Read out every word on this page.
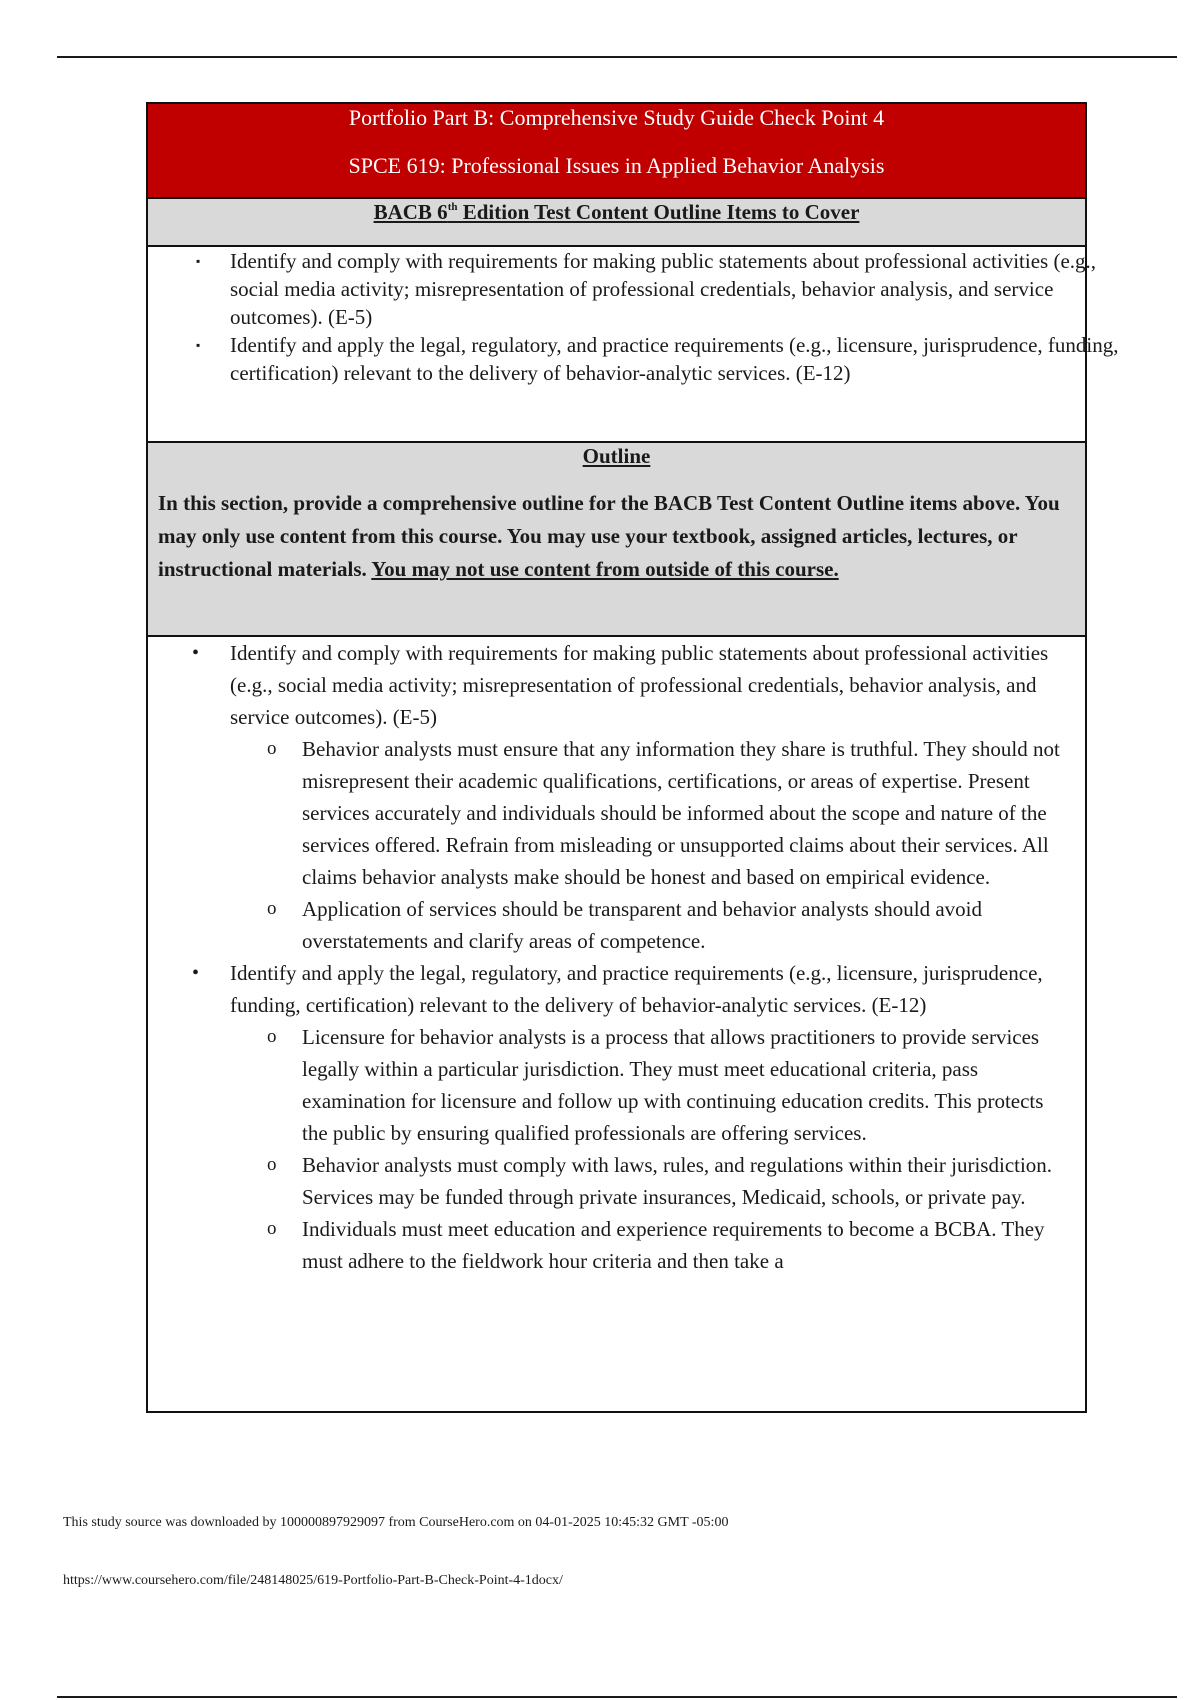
Portfolio Part B: Comprehensive Study Guide Check Point 4
SPCE 619: Professional Issues in Applied Behavior Analysis
BACB 6th Edition Test Content Outline Items to Cover
▪ Identify and comply with requirements for making public statements about professional activities (e.g., social media activity; misrepresentation of professional credentials, behavior analysis, and service outcomes). (E-5)
▪ Identify and apply the legal, regulatory, and practice requirements (e.g., licensure, jurisprudence, funding, certification) relevant to the delivery of behavior-analytic services. (E-12)
Outline
In this section, provide a comprehensive outline for the BACB Test Content Outline items above. You may only use content from this course. You may use your textbook, assigned articles, lectures, or instructional materials. You may not use content from outside of this course.
• Identify and comply with requirements for making public statements about professional activities (e.g., social media activity; misrepresentation of professional credentials, behavior analysis, and service outcomes). (E-5)
o Behavior analysts must ensure that any information they share is truthful. They should not misrepresent their academic qualifications, certifications, or areas of expertise. Present services accurately and individuals should be informed about the scope and nature of the services offered. Refrain from misleading or unsupported claims about their services. All claims behavior analysts make should be honest and based on empirical evidence.
o Application of services should be transparent and behavior analysts should avoid overstatements and clarify areas of competence.
• Identify and apply the legal, regulatory, and practice requirements (e.g., licensure, jurisprudence, funding, certification) relevant to the delivery of behavior-analytic services. (E-12)
o Licensure for behavior analysts is a process that allows practitioners to provide services legally within a particular jurisdiction. They must meet educational criteria, pass examination for licensure and follow up with continuing education credits. This protects the public by ensuring qualified professionals are offering services.
o Behavior analysts must comply with laws, rules, and regulations within their jurisdiction. Services may be funded through private insurances, Medicaid, schools, or private pay.
o Individuals must meet education and experience requirements to become a BCBA. They must adhere to the fieldwork hour criteria and then take a
This study source was downloaded by 100000897929097 from CourseHero.com on 04-01-2025 10:45:32 GMT -05:00
https://www.coursehero.com/file/248148025/619-Portfolio-Part-B-Check-Point-4-1docx/
